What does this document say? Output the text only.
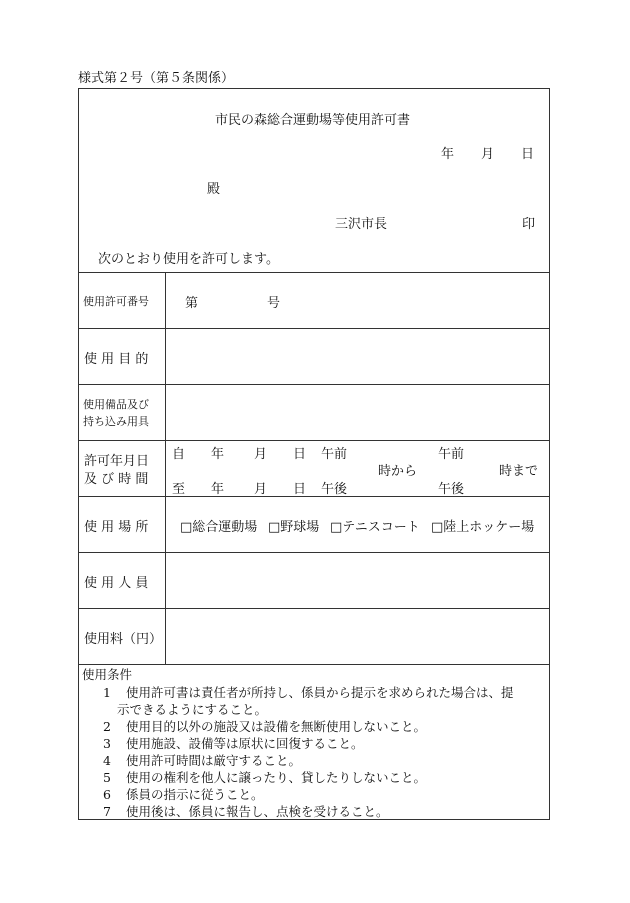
様式第２号（第５条関係）
市民の森総合運動場等使用許可書
年 月 日
殿
三沢市長	印
次のとおり使用を許可します。
使用許可番号	第	号
使 用 目 的
使用備品及び
持ち込み用具
許可年月日
及 び 時 間
自 年 月 日 午前	午前
時から	時まで
至 年 月 日 午後	午後
使 用 場 所 □総合運動場 □野球場 □テニスコート □陸上ホッケー場
使 用 人 員
使用料（円）
使用条件
1 使用許可書は責任者が所持し、係員から提示を求められた場合は、提
示できるようにすること。
2 使用目的以外の施設又は設備を無断使用しないこと。
3 使用施設、設備等は原状に回復すること。
4 使用許可時間は厳守すること。
5 使用の権利を他人に譲ったり、貸したりしないこと。
6 係員の指示に従うこと。
7 使用後は、係員に報告し、点検を受けること。
